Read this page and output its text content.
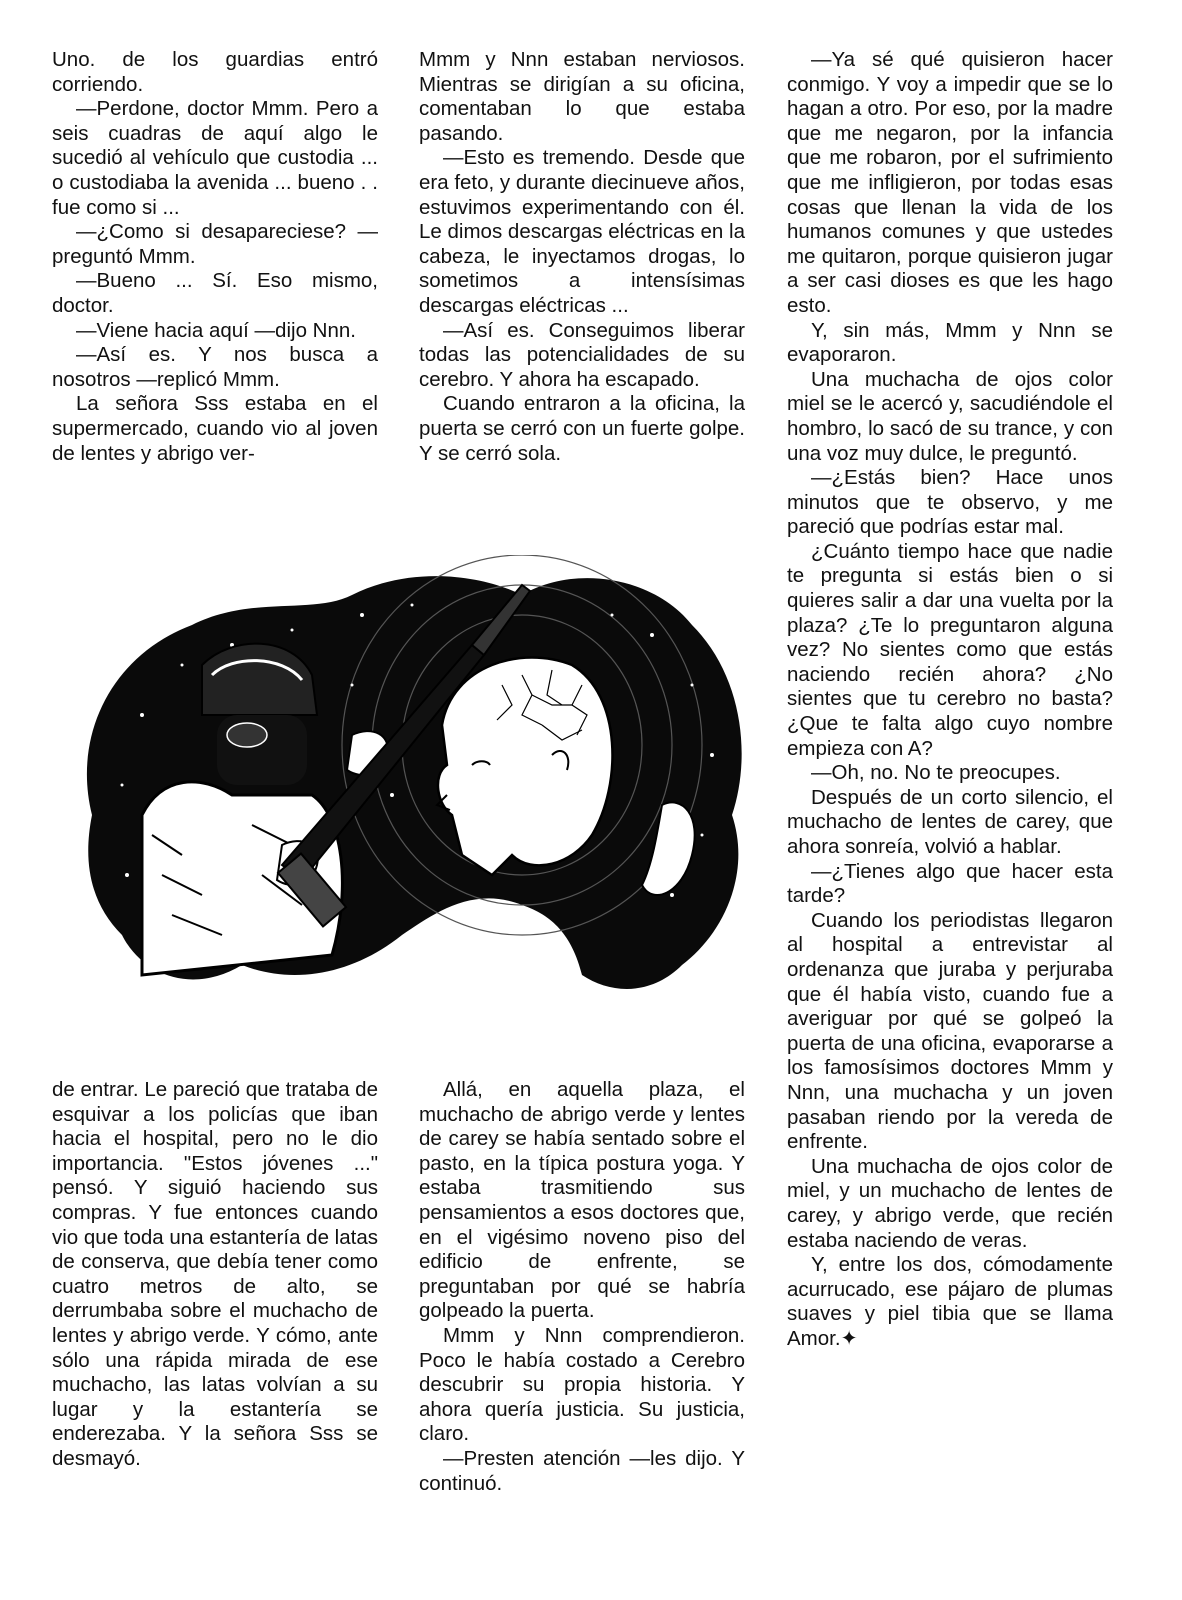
Uno. de los guardias entró corriendo.

—Perdone, doctor Mmm. Pero a seis cuadras de aquí algo le sucedió al vehículo que custodia ... o custodiaba la avenida ... bueno . . fue como si ...

—¿Como si desapareciese? — preguntó Mmm.

—Bueno ... Sí. Eso mismo, doctor.

—Viene hacia aquí —dijo Nnn.

—Así es. Y nos busca a nosotros —replicó Mmm.

La señora Sss estaba en el supermercado, cuando vio al joven de lentes y abrigo ver-

Mmm y Nnn estaban nerviosos. Mientras se dirigían a su oficina, comentaban lo que estaba pasando.

—Esto es tremendo. Desde que era feto, y durante diecinueve años, estuvimos experimentando con él. Le dimos descargas eléctricas en la cabeza, le inyectamos drogas, lo sometimos a intensísimas descargas eléctricas ...

—Así es. Conseguimos liberar todas las potencialidades de su cerebro. Y ahora ha escapado.

Cuando entraron a la oficina, la puerta se cerró con un fuerte golpe. Y se cerró sola.

—Ya sé qué quisieron hacer conmigo. Y voy a impedir que se lo hagan a otro. Por eso, por la madre que me negaron, por la infancia que me robaron, por el sufrimiento que me infligieron, por todas esas cosas que llenan la vida de los humanos comunes y que ustedes me quitaron, porque quisieron jugar a ser casi dioses es que les hago esto.

Y, sin más, Mmm y Nnn se evaporaron.

Una muchacha de ojos color miel se le acercó y, sacudiéndole el hombro, lo sacó de su trance, y con una voz muy dulce, le preguntó.

—¿Estás bien? Hace unos minutos que te observo, y me pareció que podrías estar mal.

¿Cuánto tiempo hace que nadie te pregunta si estás bien o si quieres salir a dar una vuelta por la plaza? ¿Te lo preguntaron alguna vez? No sientes como que estás naciendo recién ahora? ¿No sientes que tu cerebro no basta? ¿Que te falta algo cuyo nombre empieza con A?

—Oh, no. No te preocupes.

Después de un corto silencio, el muchacho de lentes de carey, que ahora sonreía, volvió a hablar.

—¿Tienes algo que hacer esta tarde?

Cuando los periodistas llegaron al hospital a entrevistar al ordenanza que juraba y perjuraba que él había visto, cuando fue a averiguar por qué se golpeó la puerta de una oficina, evaporarse a los famosísimos doctores Mmm y Nnn, una muchacha y un joven pasaban riendo por la vereda de enfrente.

Una muchacha de ojos color de miel, y un muchacho de lentes de carey, y abrigo verde, que recién estaba naciendo de veras.

Y, entre los dos, cómodamente acurrucado, ese pájaro de plumas suaves y piel tibia que se llama Amor.✦

de entrar. Le pareció que trataba de esquivar a los policías que iban hacia el hospital, pero no le dio importancia. "Estos jóvenes ..." pensó. Y siguió haciendo sus compras. Y fue entonces cuando vio que toda una estantería de latas de conserva, que debía tener como cuatro metros de alto, se derrumbaba sobre el muchacho de lentes y abrigo verde. Y cómo, ante sólo una rápida mirada de ese muchacho, las latas volvían a su lugar y la estantería se enderezaba. Y la señora Sss se desmayó.

Allá, en aquella plaza, el muchacho de abrigo verde y lentes de carey se había sentado sobre el pasto, en la típica postura yoga. Y estaba trasmitiendo sus pensamientos a esos doctores que, en el vigésimo noveno piso del edificio de enfrente, se preguntaban por qué se habría golpeado la puerta.

Mmm y Nnn comprendieron. Poco le había costado a Cerebro descubrir su propia historia. Y ahora quería justicia. Su justicia, claro.

—Presten atención —les dijo. Y continuó.
